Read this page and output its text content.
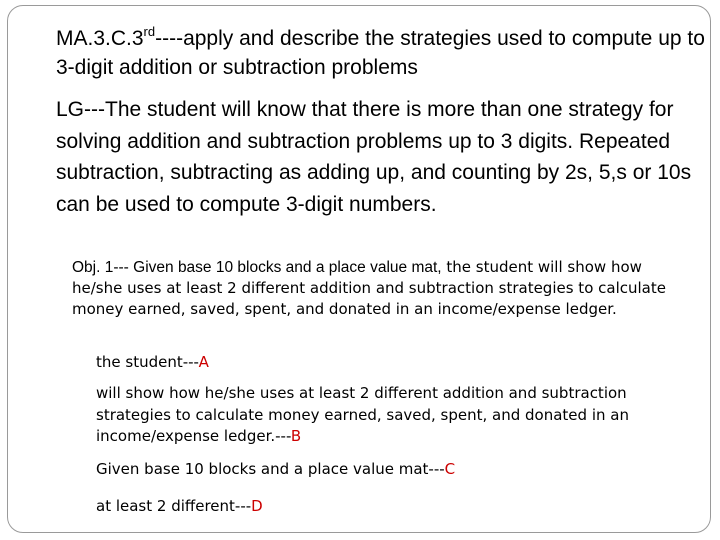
MA.3.C.3rd----apply and describe the strategies used to compute up to 3-digit addition or subtraction problems
LG---The student will know that there is more than one strategy for solving addition and subtraction problems up to 3 digits. Repeated subtraction, subtracting as adding up, and counting by 2s, 5,s or 10s can be used to compute 3-digit numbers.
Obj. 1--- Given base 10 blocks and a place value mat, the student will show how he/she uses at least 2 different addition and subtraction strategies to calculate money earned, saved, spent, and donated in an income/expense ledger.
the student---A
will show how he/she uses at least 2 different addition and subtraction strategies to calculate money earned, saved, spent, and donated in an income/expense ledger.---B
Given base 10 blocks and a place value mat---C
at least 2 different---D
